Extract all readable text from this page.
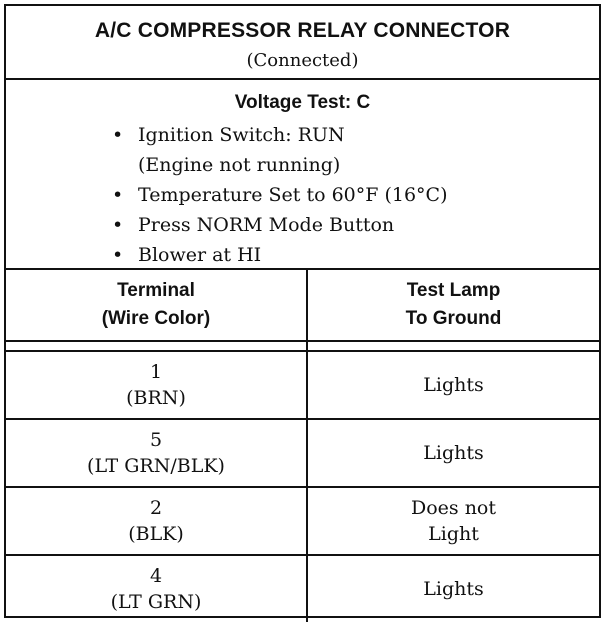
A/C COMPRESSOR RELAY CONNECTOR
(Connected)
Voltage Test: C
• Ignition Switch: RUN
(Engine not running)
• Temperature Set to 60°F (16°C)
• Press NORM Mode Button
• Blower at HI
Terminal
(Wire Color)	Test Lamp
To Ground

1
(BRN)	Lights

5
(LT GRN/BLK)	Lights

2
(BLK)	Does not
Light

4
(LT GRN)	Lights
